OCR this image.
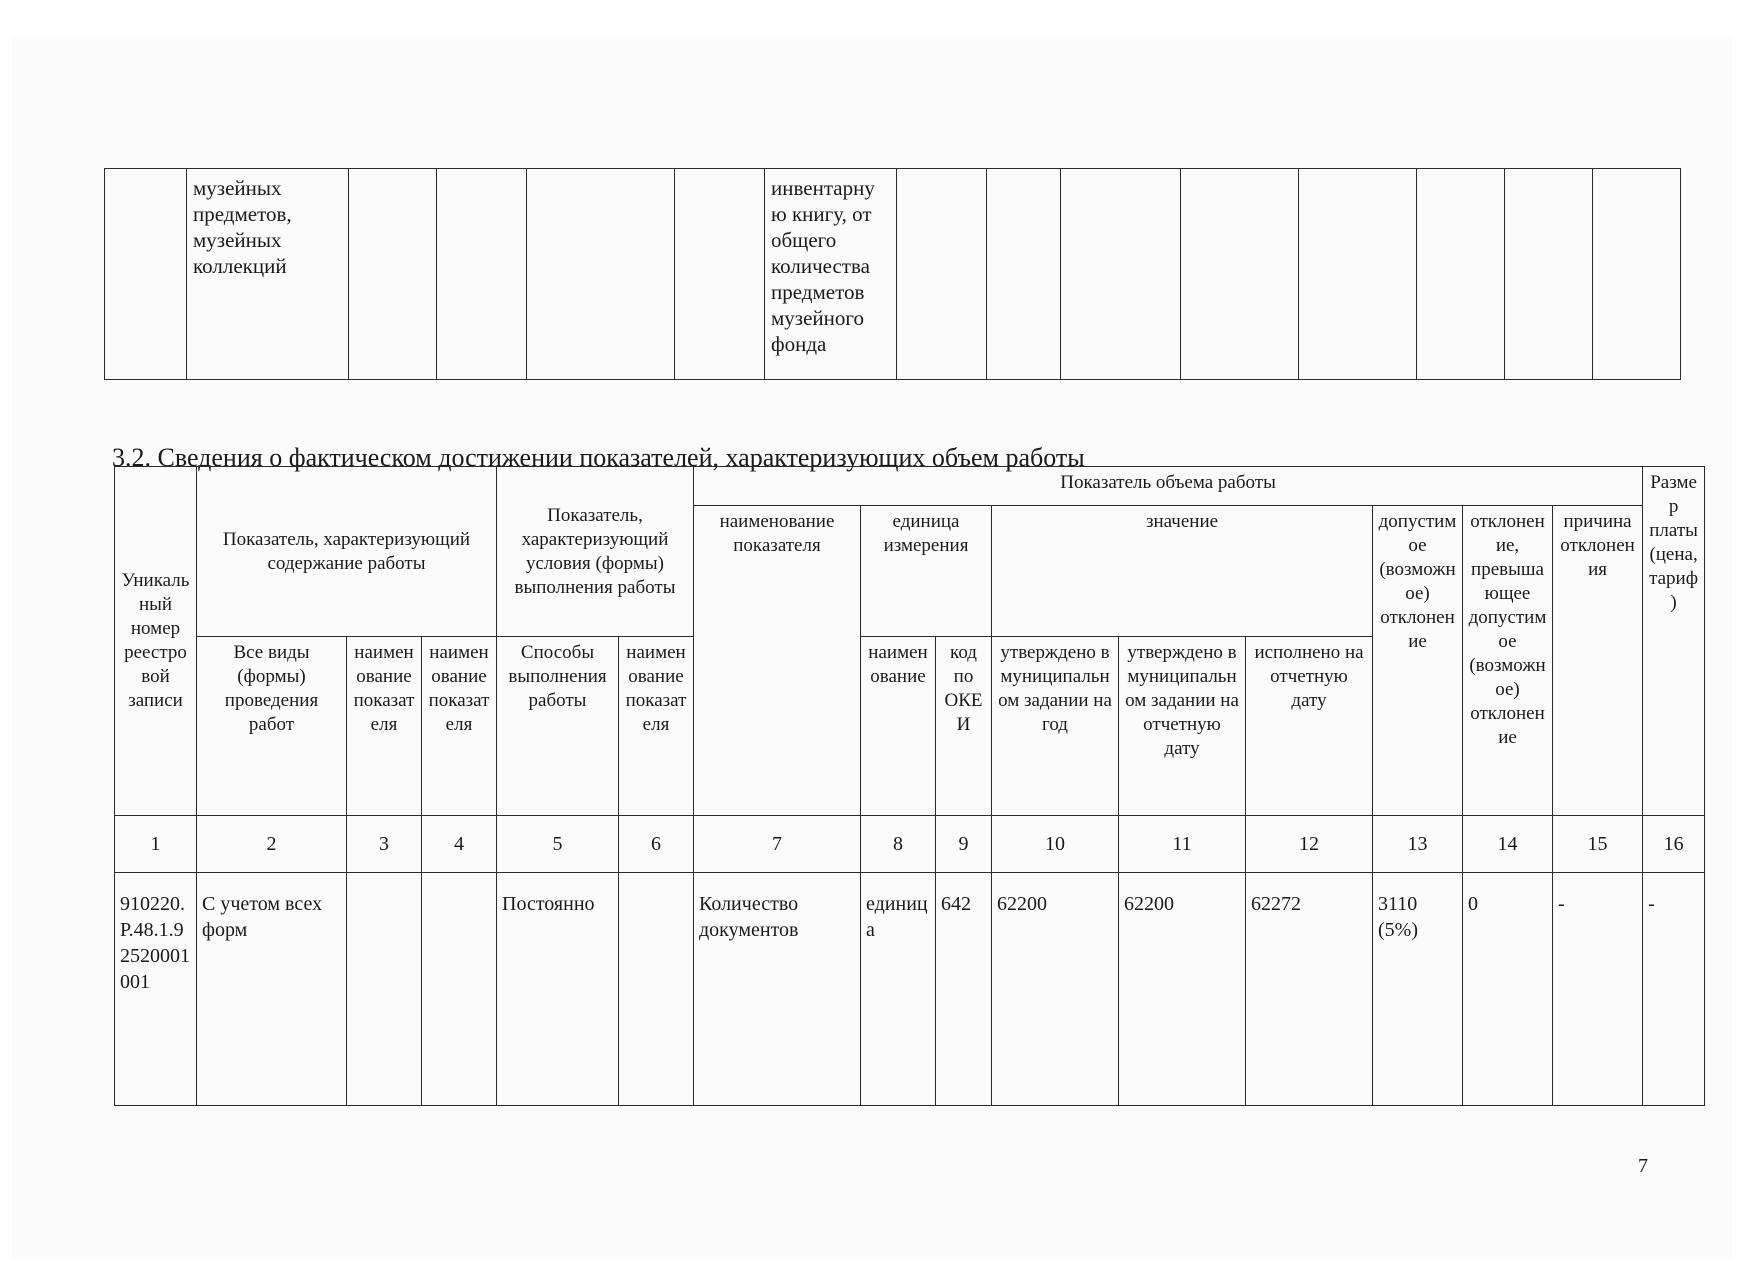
	музейных предметов, музейных коллекций					инвентарную книгу, от общего количества предметов музейного фонда								
3.2. Сведения о фактическом достижении показателей, характеризующих объем работы
Уникальный номер реестровой записи	Показатель, характеризующий содержание работы			Показатель, характеризующий условия (формы) выполнения работы		Показатель объема работы									Размер платы (цена, тариф)
						наименование показателя	единица измерения		значение			допустимое (возможное) отклонение	отклонение, превышающее допустимое (возможное) отклонение	причина отклонения	
	Все виды (формы) проведения работ	наименование показателя	наименование показателя	Способы выполнения работы	наименование показателя		наименование	код по ОКЕИ	утверждено в муниципальном задании на год	утверждено в муниципальном задании на отчетную дату	исполнено на отчетную дату				
1	2	3	4	5	6	7	8	9	10	11	12	13	14	15	16
910220.Р.48.1.92520001001	С учетом всех форм			Постоянно		Количество документов	единица	642	62200	62200	62272	3110 (5%)	0	-	-
7
